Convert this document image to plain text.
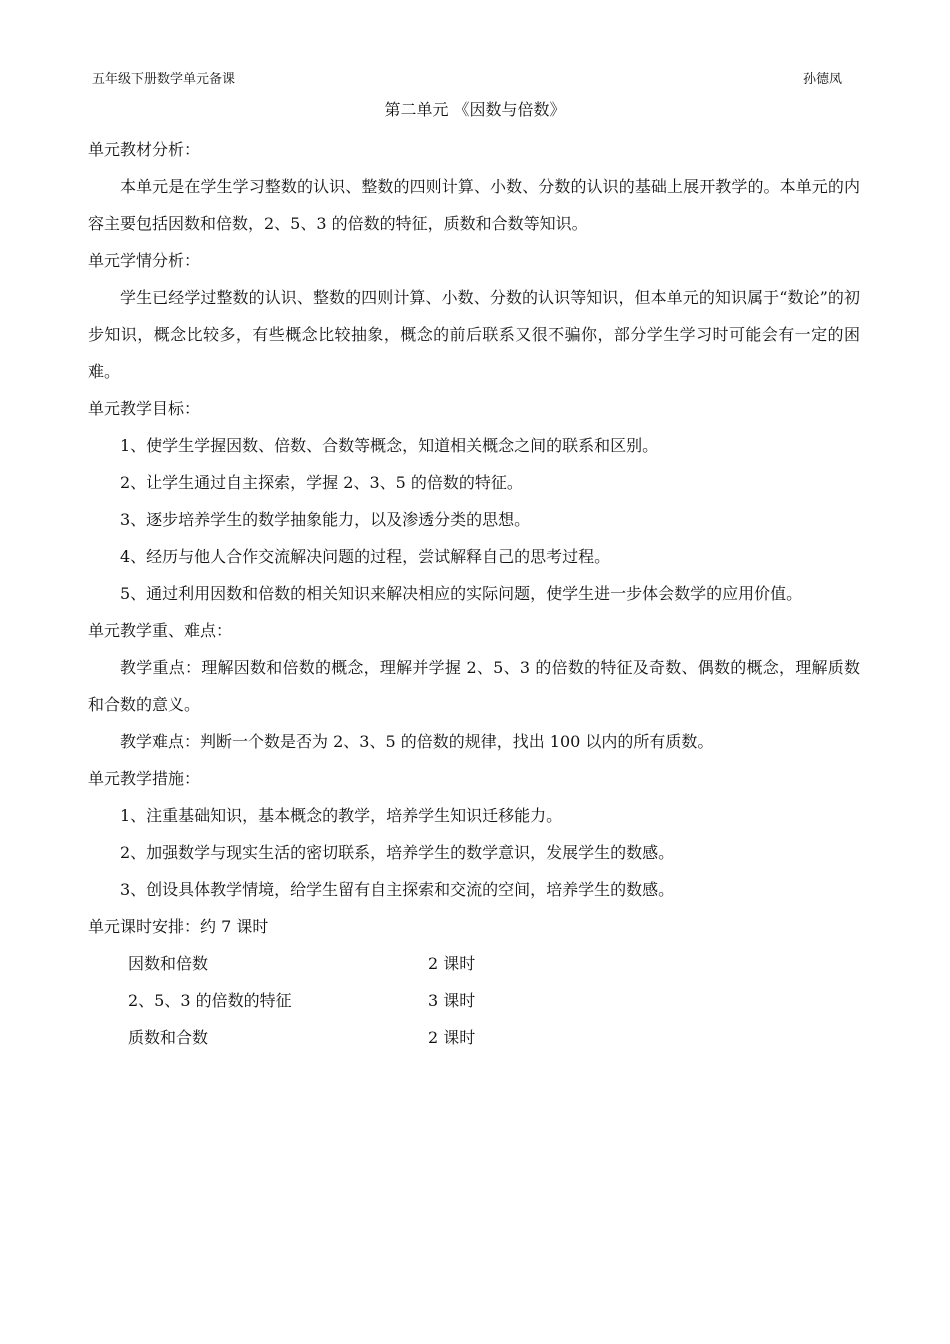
五年级下册数学单元备课	孙德凤
第二单元 《因数与倍数》

单元教材分析：

本单元是在学生学习整数的认识、整数的四则计算、小数、分数的认识的基础上展开教学的。本单元的内容主要包括因数和倍数，2、5、3 的倍数的特征，质数和合数等知识。

单元学情分析：

学生已经学过整数的认识、整数的四则计算、小数、分数的认识等知识，但本单元的知识属于“数论”的初步知识，概念比较多，有些概念比较抽象，概念的前后联系又很不骗你，部分学生学习时可能会有一定的困难。

单元教学目标：

1、使学生学握因数、倍数、合数等概念，知道相关概念之间的联系和区别。

2、让学生通过自主探索，学握 2、3、5 的倍数的特征。

3、逐步培养学生的数学抽象能力，以及渗透分类的思想。

4、经历与他人合作交流解决问题的过程，尝试解释自己的思考过程。

5、通过利用因数和倍数的相关知识来解决相应的实际问题，使学生进一步体会数学的应用价值。

单元教学重、难点：

教学重点：理解因数和倍数的概念，理解并学握 2、5、3 的倍数的特征及奇数、偶数的概念，理解质数和合数的意义。

教学难点：判断一个数是否为 2、3、5 的倍数的规律，找出 100 以内的所有质数。

单元教学措施：

1、注重基础知识，基本概念的教学，培养学生知识迁移能力。

2、加强数学与现实生活的密切联系，培养学生的数学意识，发展学生的数感。

3、创设具体教学情境，给学生留有自主探索和交流的空间，培养学生的数感。

单元课时安排：约 7 课时

因数和倍数	2 课时
2、5、3 的倍数的特征	3 课时
质数和合数	2 课时
